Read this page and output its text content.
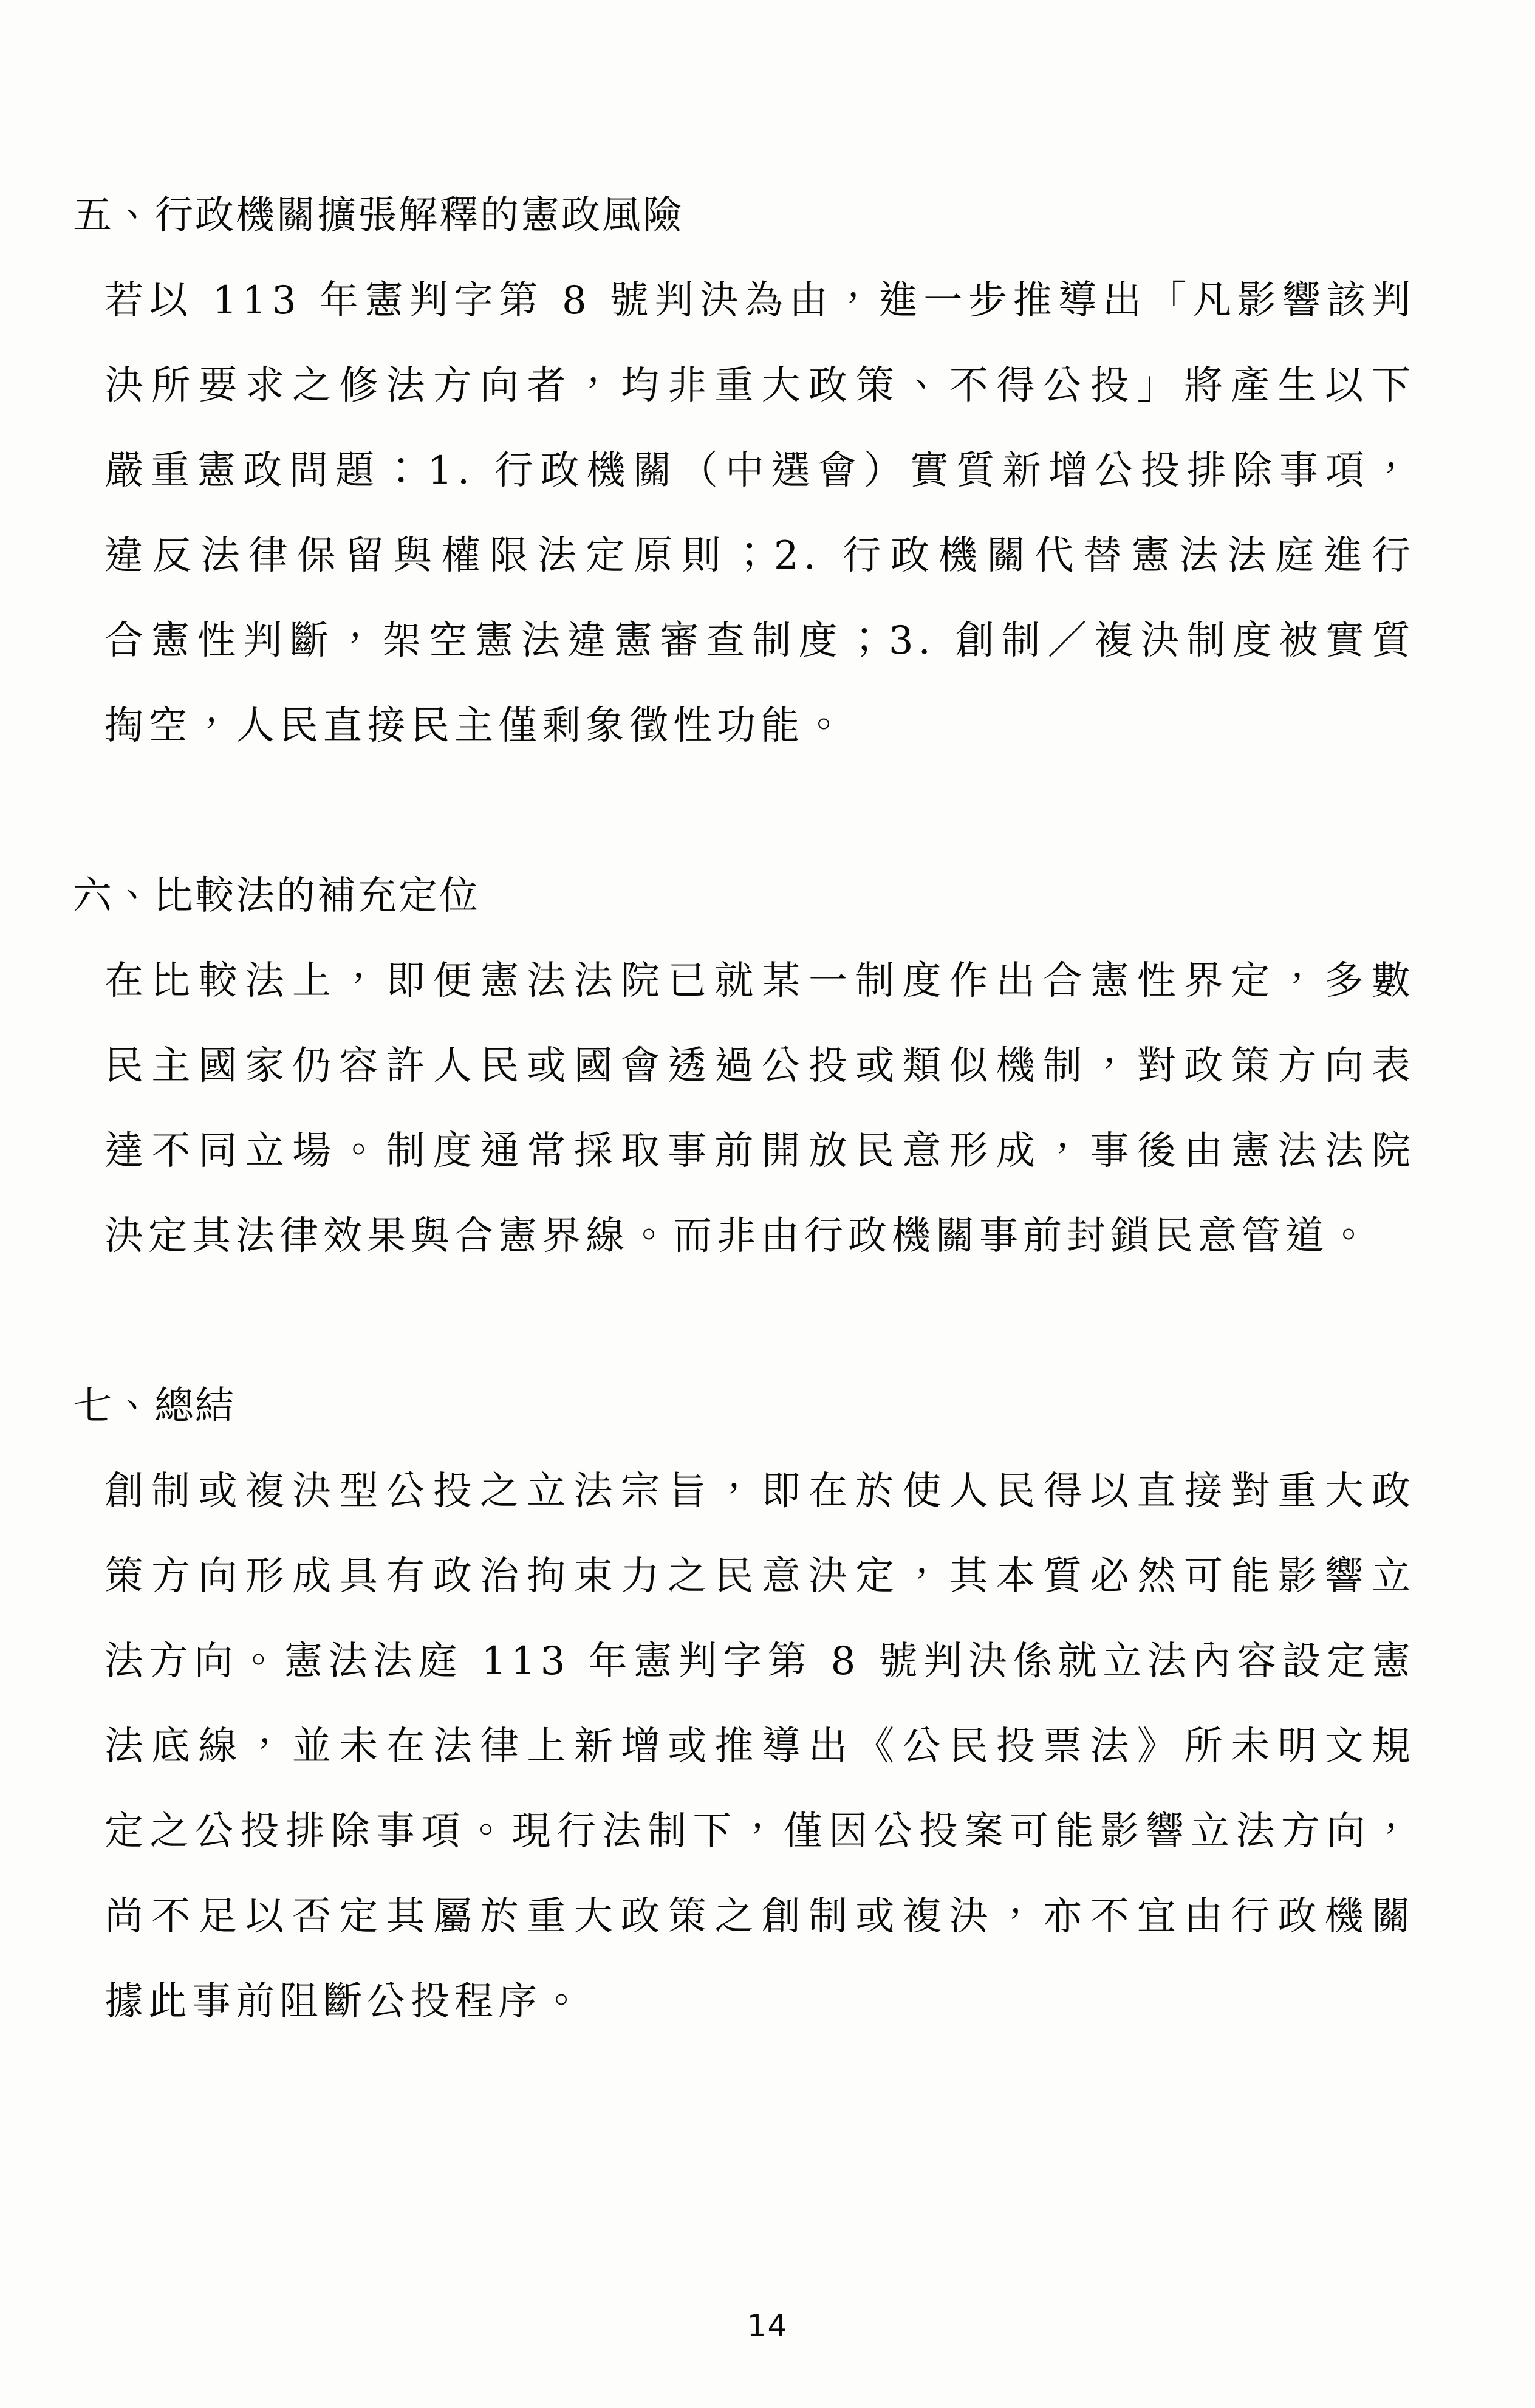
五、行政機關擴張解釋的憲政風險

若以 113 年憲判字第 8 號判決為由，進一步推導出「凡影響該判

決所要求之修法方向者，均非重大政策、不得公投」將產生以下

嚴重憲政問題：1. 行政機關（中選會）實質新增公投排除事項，

違反法律保留與權限法定原則；2. 行政機關代替憲法法庭進行

合憲性判斷，架空憲法違憲審查制度；3. 創制／複決制度被實質

掏空，人民直接民主僅剩象徵性功能。

六、比較法的補充定位

在比較法上，即便憲法法院已就某一制度作出合憲性界定，多數

民主國家仍容許人民或國會透過公投或類似機制，對政策方向表

達不同立場。制度通常採取事前開放民意形成，事後由憲法法院

決定其法律效果與合憲界線。而非由行政機關事前封鎖民意管道。

七、總結

創制或複決型公投之立法宗旨，即在於使人民得以直接對重大政

策方向形成具有政治拘束力之民意決定，其本質必然可能影響立

法方向。憲法法庭 113 年憲判字第 8 號判決係就立法內容設定憲

法底線，並未在法律上新增或推導出《公民投票法》所未明文規

定之公投排除事項。現行法制下，僅因公投案可能影響立法方向，

尚不足以否定其屬於重大政策之創制或複決，亦不宜由行政機關

據此事前阻斷公投程序。

14
